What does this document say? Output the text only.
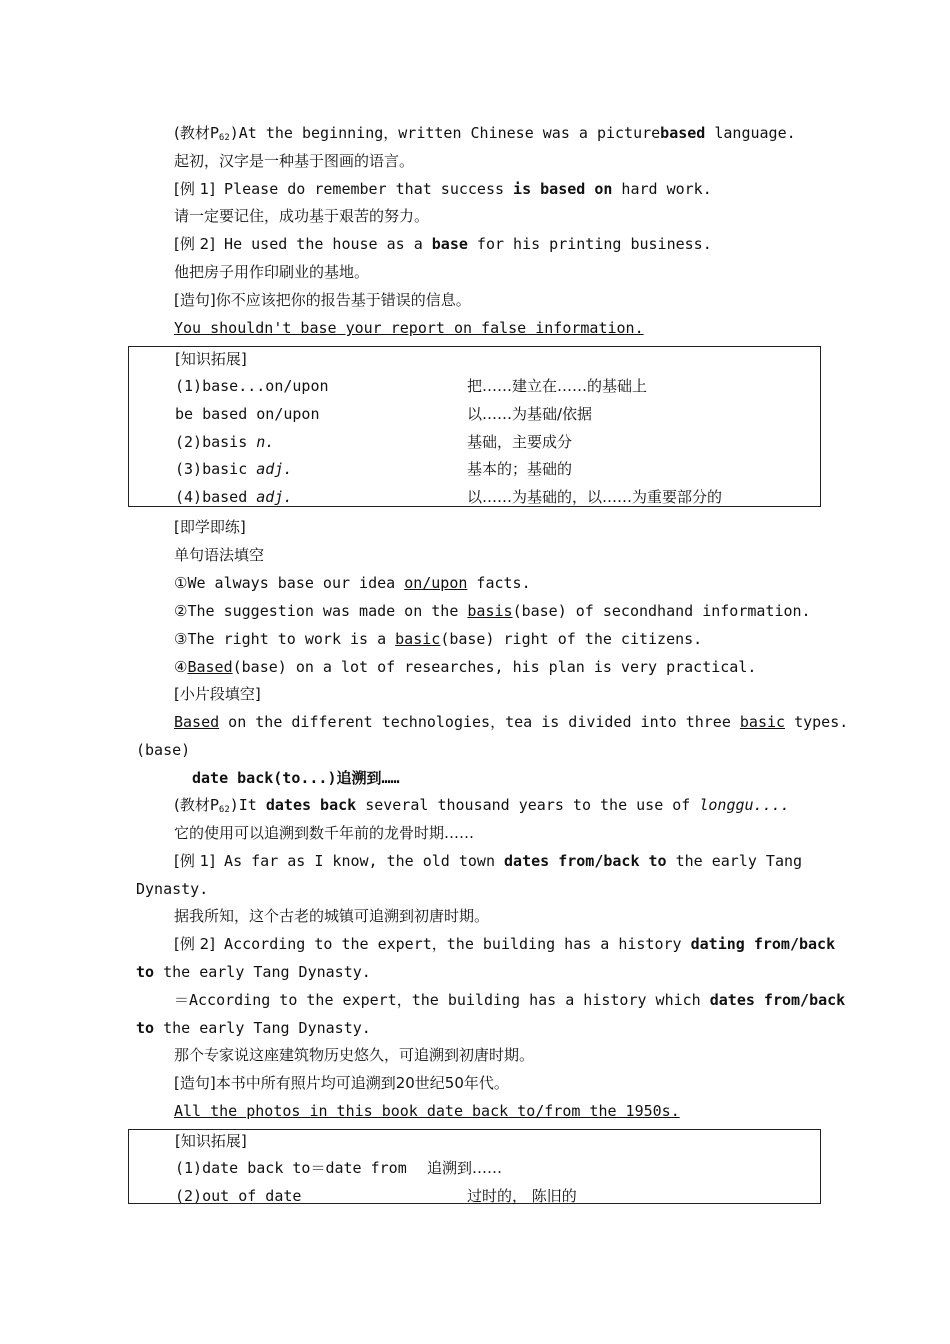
(教材$P_{62})At$ the beginning，written Chinese was a picturebased language.
起初，汉字是一种基于图画的语言。
[例 1] Please do remember that success is based on hard work.
请一定要记住，成功基于艰苦的努力。
[例 2] He used the house as a base for his printing business.
他把房子用作印刷业的基地。
[造句]你不应该把你的报告基于错误的信息。
You shouldn't base your report on false information.
[知识拓展]
(1)base...on/upon	把……建立在……的基础上
be based on/upon	以……为基础/依据
(2)basis n.	基础，主要成分
(3)basic adj.	基本的；基础的
(4)based adj.	以……为基础的，以……为重要部分的
[即学即练]
单句语法填空
①We always base our idea on/upon facts.
②The suggestion was made on the basis(base) of secondhand information.
③The right to work is a basic(base) right of the citizens.
④Based(base) on a lot of researches, his plan is very practical.
[小片段填空]
Based on the different technologies，tea is divided into three basic types.
(base)
date back(to...)追溯到……
(教材$P_{62})It$ dates back several thousand years to the use of longgu....
它的使用可以追溯到数千年前的龙骨时期……
[例 1] As far as I know, the old town dates from/back to the early Tang
Dynasty.
据我所知，这个古老的城镇可追溯到初唐时期。
[例 2] According to the expert，the building has a history dating from/back
to the early Tang Dynasty.
＝According to the expert，the building has a history which dates from/back
to the early Tang Dynasty.
那个专家说这座建筑物历史悠久，可追溯到初唐时期。
[造句]本书中所有照片均可追溯到20世纪50年代。
All the photos in this book date back to/from the 1950s.
[知识拓展]
(1)date back to＝date from 追溯到……
(2)out of date	过时的， 陈旧的
